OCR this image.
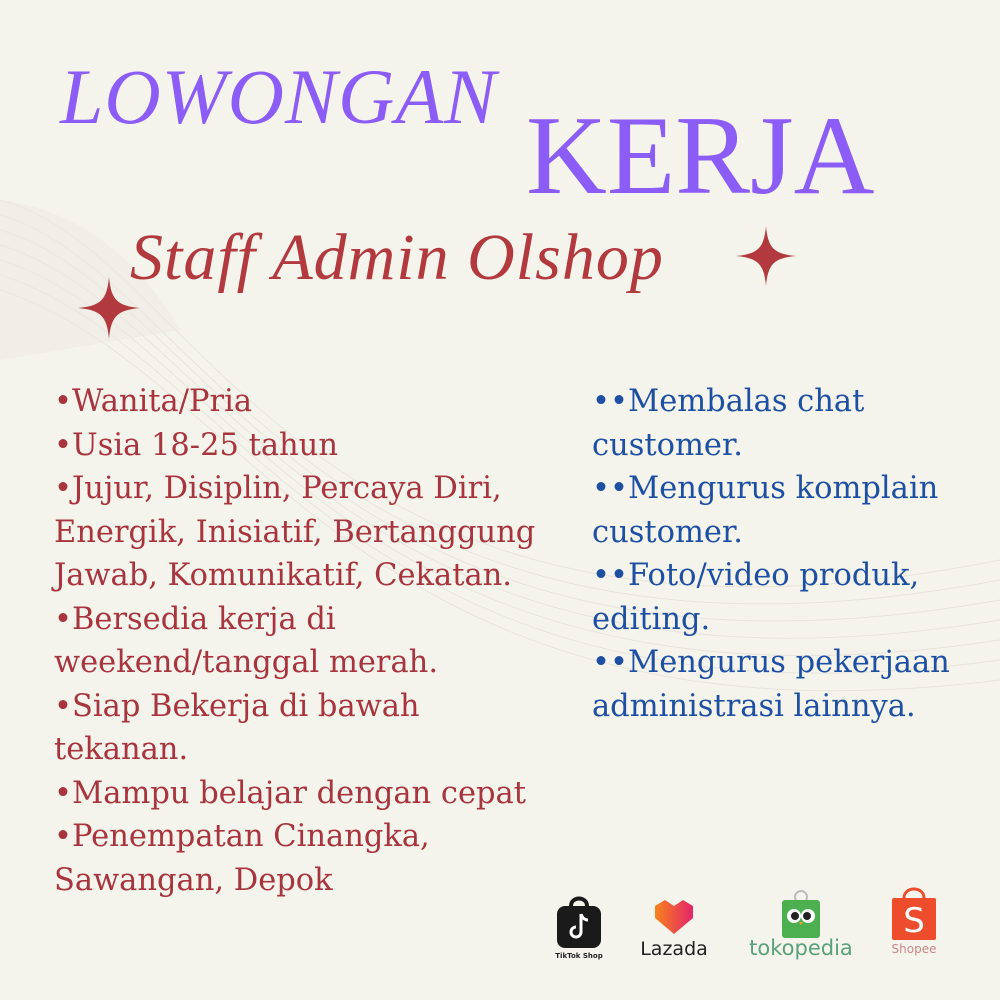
LOWONGAN KERJA
Staff Admin Olshop
•Wanita/Pria
•Usia 18-25 tahun
•Jujur, Disiplin, Percaya Diri,
Energik, Inisiatif, Bertanggung
Jawab, Komunikatif, Cekatan.
•Bersedia kerja di
weekend/tanggal merah.
•Siap Bekerja di bawah
tekanan.
•Mampu belajar dengan cepat
•Penempatan Cinangka,
Sawangan, Depok
••Membalas chat
customer.
••Mengurus komplain
customer.
••Foto/video produk,
editing.
••Mengurus pekerjaan
administrasi lainnya.
TikTok Shop	Lazada tokopedia
S
Shopee
